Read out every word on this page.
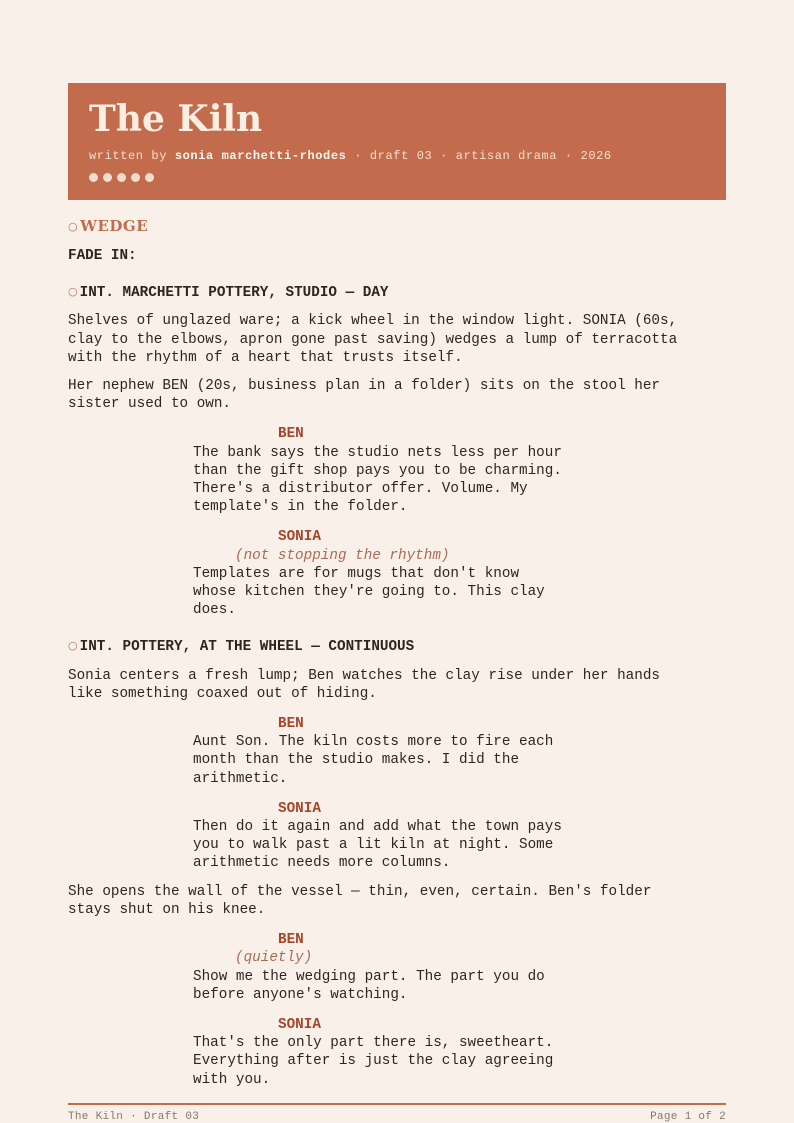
The Kiln
written by sonia marchetti-rhodes · draft 03 · artisan drama · 2026
○ WEDGE

FADE IN:

○ INT. MARCHETTI POTTERY, STUDIO — DAY

Shelves of unglazed ware; a kick wheel in the window light. SONIA (60s,
clay to the elbows, apron gone past saving) wedges a lump of terracotta
with the rhythm of a heart that trusts itself.
Her nephew BEN (20s, business plan in a folder) sits on the stool her
sister used to own.
BEN
The bank says the studio nets less per hour
than the gift shop pays you to be charming.
There's a distributor offer. Volume. My
template's in the folder.
SONIA
(not stopping the rhythm)
Templates are for mugs that don't know
whose kitchen they're going to. This clay
does.

○ INT. POTTERY, AT THE WHEEL — CONTINUOUS

Sonia centers a fresh lump; Ben watches the clay rise under her hands
like something coaxed out of hiding.
BEN
Aunt Son. The kiln costs more to fire each
month than the studio makes. I did the
arithmetic.
SONIA
Then do it again and add what the town pays
you to walk past a lit kiln at night. Some
arithmetic needs more columns.
She opens the wall of the vessel — thin, even, certain. Ben's folder
stays shut on his knee.
BEN
(quietly)
Show me the wedging part. The part you do
before anyone's watching.
SONIA
That's the only part there is, sweetheart.
Everything after is just the clay agreeing
with you.
The Kiln · Draft 03	Page 1 of 2
